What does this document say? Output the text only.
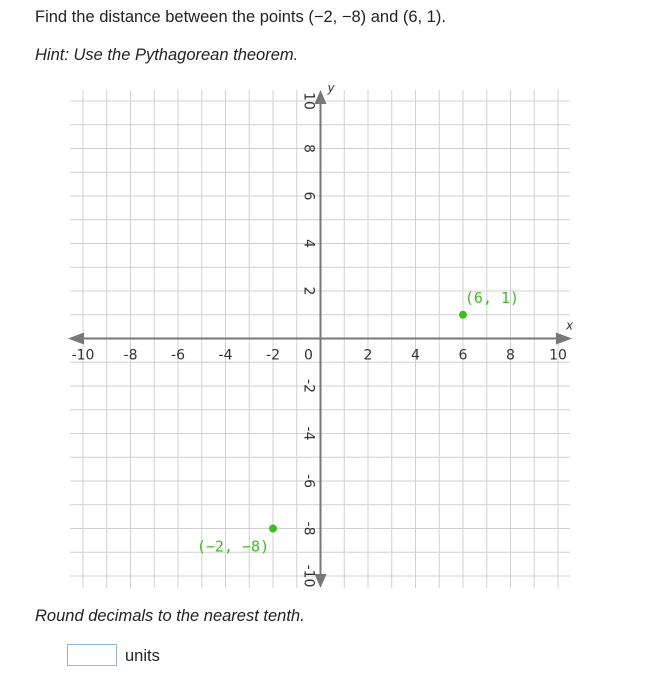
Find the distance between the points (−2, −8) and (6, 1).

Hint: Use the Pythagorean theorem.

x
y
-10 -8 -6 -4 -2 0	2	4	6	8 10
10
8
6
4
2
-2
-4
-6
-8
-10
(−2, −8)
(6, 1)

Round decimals to the nearest tenth.

units
